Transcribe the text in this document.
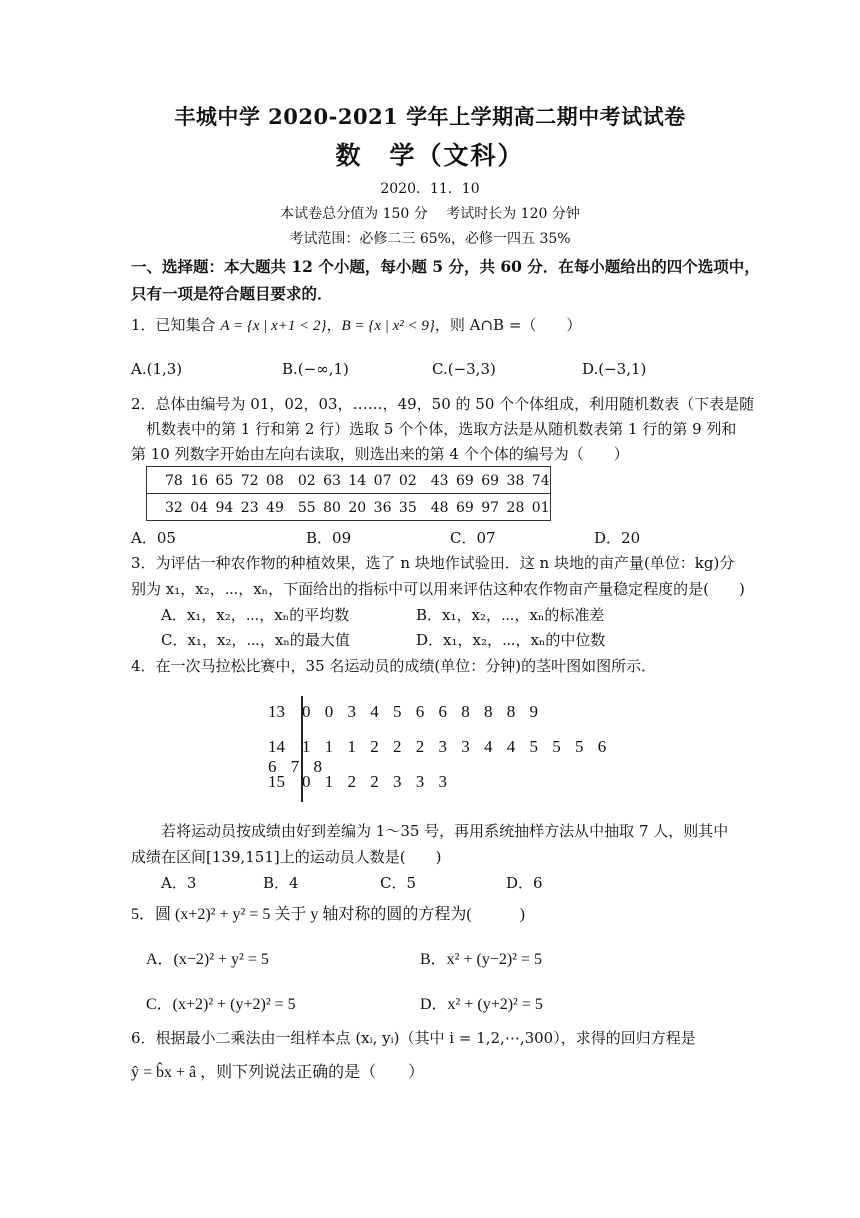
丰城中学 2020-2021 学年上学期高二期中考试试卷
数　学（文科）
2020．11．10
本试卷总分值为 150 分　 考试时长为 120 分钟
考试范围：必修二三 65%，必修一四五 35%
一、选择题：本大题共 12 个小题，每小题 5 分，共 60 分．在每小题给出的四个选项中，
只有一项是符合题目要求的．
1．已知集合 A = {x | x+1 < 2}，B = {x | x² < 9}，则 A∩B =（　　）
A.(1,3)	B.(−∞,1)	C.(−3,3)	D.(−3,1)
2．总体由编号为 01，02，03，……，49，50 的 50 个个体组成，利用随机数表（下表是随
机数表中的第 1 行和第 2 行）选取 5 个个体，选取方法是从随机数表第 1 行的第 9 列和
第 10 列数字开始由左向右读取，则选出来的第 4 个个体的编号为（　　）
78 16 65 72 08　02 63 14 07 02　43 69 69 38 74
32 04 94 23 49　55 80 20 36 35　48 69 97 28 01
A．05	B．09	C．07	D．20
3．为评估一种农作物的种植效果，选了 n 块地作试验田．这 n 块地的亩产量(单位：kg)分
别为 x₁，x₂，⋯，xₙ，下面给出的指标中可以用来评估这种农作物亩产量稳定程度的是(　　)
A．x₁，x₂，⋯，xₙ的平均数	B．x₁，x₂，⋯，xₙ的标准差
C．x₁，x₂，⋯，xₙ的最大值	D．x₁，x₂，⋯，xₙ的中位数
4．在一次马拉松比赛中，35 名运动员的成绩(单位：分钟)的茎叶图如图所示．
13 0 0 3 4 5 6 6 8 8 8 9
14 1 1 1 2 2 2 3 3 4 4 5 5 5 6 6 7 8
15 0 1 2 2 3 3 3
若将运动员按成绩由好到差编为 1～35 号，再用系统抽样方法从中抽取 7 人，则其中
成绩在区间[139,151]上的运动员人数是(　　)
A．3	B．4	C．5	D．6
5．圆 (x+2)² + y² = 5 关于 y 轴对称的圆的方程为(　　　)
A．(x−2)² + y² = 5	B．x² + (y−2)² = 5
C．(x+2)² + (y+2)² = 5	D．x² + (y+2)² = 5
6．根据最小二乘法由一组样本点 (xᵢ, yᵢ)（其中 i = 1,2,⋯,300），求得的回归方程是
ŷ = b̂x + â ，则下列说法正确的是（　　）
